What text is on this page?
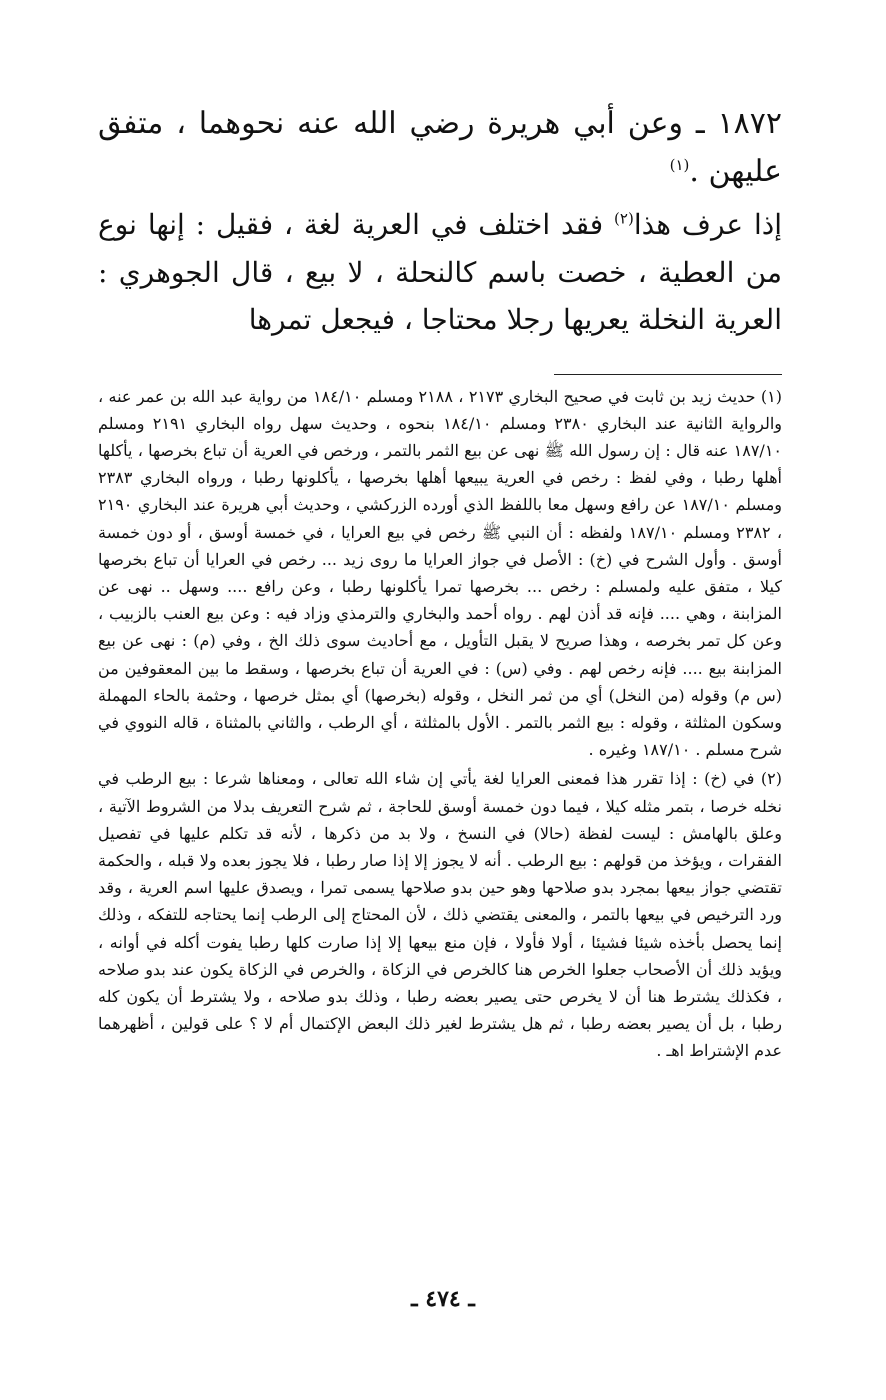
١٨٧٢ ـ وعن أبي هريرة رضي الله عنه نحوهما ، متفق عليهن .$^{(١)}$

إذا عرف هذا$^{(٢)}$ فقد اختلف في العرية لغة ، فقيل : إنها نوع من العطية ، خصت باسم كالنحلة ، لا بيع ، قال الجوهري : العرية النخلة يعريها رجلا محتاجا ، فيجعل تمرها

(١) حديث زيد بن ثابت في صحيح البخاري ٢١٧٣ ، ٢١٨٨ ومسلم ١٨٤/١٠ من رواية عبد الله بن عمر عنه ، والرواية الثانية عند البخاري ٢٣٨٠ ومسلم ١٨٤/١٠ بنحوه ، وحديث سهل رواه البخاري ٢١٩١ ومسلم ١٨٧/١٠ عنه قال : إن رسول الله ﷺ نهى عن بيع الثمر بالتمر ، ورخص في العرية أن تباع بخرصها ، يأكلها أهلها رطبا ، وفي لفظ : رخص في العرية يبيعها أهلها بخرصها ، يأكلونها رطبا ، ورواه البخاري ٢٣٨٣ ومسلم ١٨٧/١٠ عن رافع وسهل معا باللفظ الذي أورده الزركشي ، وحديث أبي هريرة عند البخاري ٢١٩٠ ، ٢٣٨٢ ومسلم ١٨٧/١٠ ولفظه : أن النبي ﷺ رخص في بيع العرايا ، في خمسة أوسق ، أو دون خمسة أوسق . وأول الشرح في (خ) : الأصل في جواز العرايا ما روى زيد ... رخص في العرايا أن تباع بخرصها كيلا ، متفق عليه ولمسلم : رخص ... بخرصها تمرا يأكلونها رطبا ، وعن رافع .... وسهل .. نهى عن المزابنة ، وهي .... فإنه قد أذن لهم . رواه أحمد والبخاري والترمذي وزاد فيه : وعن بيع العنب بالزبيب ، وعن كل تمر بخرصه ، وهذا صريح لا يقبل التأويل ، مع أحاديث سوى ذلك الخ ، وفي (م) : نهى عن بيع المزابنة بيع .... فإنه رخص لهم . وفي (س) : في العرية أن تباع بخرصها ، وسقط ما بين المعقوفين من (س م) وقوله (من النخل) أي من ثمر النخل ، وقوله (بخرصها) أي بمثل خرصها ، وحثمة بالحاء المهملة وسكون المثلثة ، وقوله : بيع الثمر بالتمر . الأول بالمثلثة ، أي الرطب ، والثاني بالمثناة ، قاله النووي في شرح مسلم . ١٨٧/١٠ وغيره .

(٢) في (خ) : إذا تقرر هذا فمعنى العرايا لغة يأتي إن شاء الله تعالى ، ومعناها شرعا : بيع الرطب في نخله خرصا ، بتمر مثله كيلا ، فيما دون خمسة أوسق للحاجة ، ثم شرح التعريف بدلا من الشروط الآتية ، وعلق بالهامش : ليست لفظة (حالا) في النسخ ، ولا بد من ذكرها ، لأنه قد تكلم عليها في تفصيل الفقرات ، ويؤخذ من قولهم : بيع الرطب . أنه لا يجوز إلا إذا صار رطبا ، فلا يجوز بعده ولا قبله ، والحكمة تقتضي جواز بيعها بمجرد بدو صلاحها وهو حين بدو صلاحها يسمى تمرا ، ويصدق عليها اسم العرية ، وقد ورد الترخيص في بيعها بالتمر ، والمعنى يقتضي ذلك ، لأن المحتاج إلى الرطب إنما يحتاجه للتفكه ، وذلك إنما يحصل بأخذه شيئا فشيئا ، أولا فأولا ، فإن منع بيعها إلا إذا صارت كلها رطبا يفوت أكله في أوانه ، ويؤيد ذلك أن الأصحاب جعلوا الخرص هنا كالخرص في الزكاة ، والخرص في الزكاة يكون عند بدو صلاحه ، فكذلك يشترط هنا أن لا يخرص حتى يصير بعضه رطبا ، وذلك بدو صلاحه ، ولا يشترط أن يكون كله رطبا ، بل أن يصير بعضه رطبا ، ثم هل يشترط لغير ذلك البعض الإكتمال أم لا ؟ على قولين ، أظهرهما عدم الإشتراط اهـ .

ـ ٤٧٤ ـ
